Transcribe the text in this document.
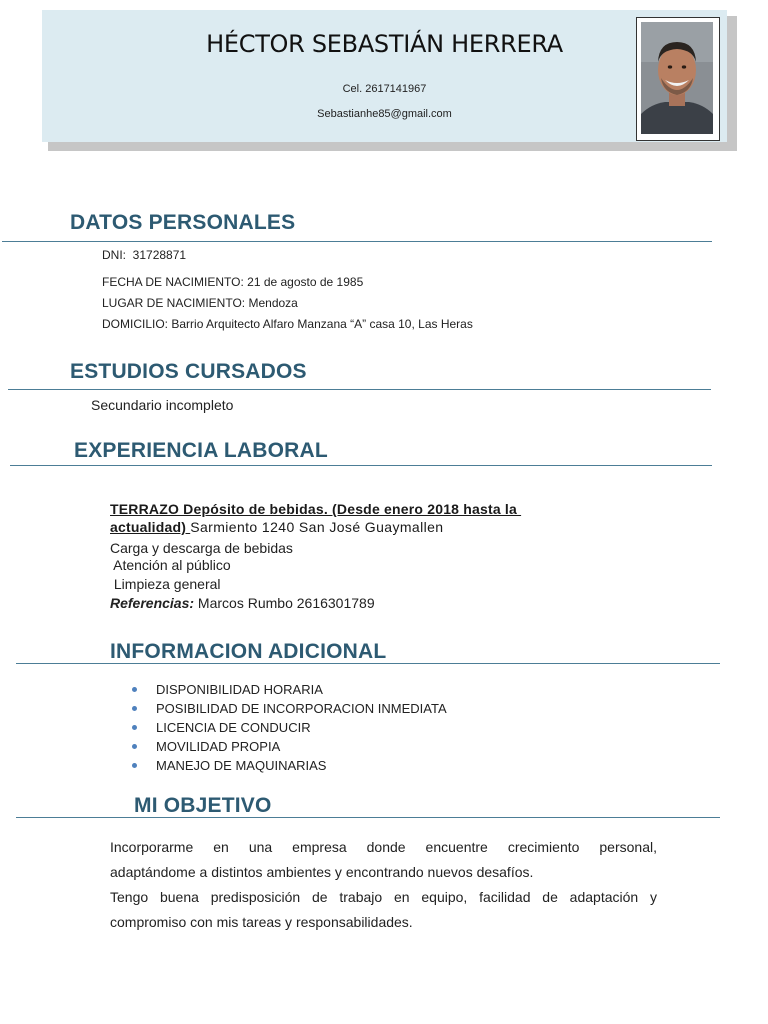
HÉCTOR SEBASTIÁN HERRERA
Cel. 2617141967
Sebastianhe85@gmail.com
DATOS PERSONALES
DNI: 31728871
FECHA DE NACIMIENTO: 21 de agosto de 1985
LUGAR DE NACIMIENTO: Mendoza
DOMICILIO: Barrio Arquitecto Alfaro Manzana “A” casa 10, Las Heras
ESTUDIOS CURSADOS
Secundario incompleto
EXPERIENCIA LABORAL
TERRAZO Depósito de bebidas. (Desde enero 2018 hasta la
actualidad) Sarmiento 1240 San José Guaymallen
Carga y descarga de bebidas
Atención al público
Limpieza general
Referencias: Marcos Rumbo 2616301789
INFORMACION ADICIONAL
DISPONIBILIDAD HORARIA
POSIBILIDAD DE INCORPORACION INMEDIATA
LICENCIA DE CONDUCIR
MOVILIDAD PROPIA
MANEJO DE MAQUINARIAS
MI OBJETIVO
Incorporarme en una empresa donde encuentre crecimiento personal,
adaptándome a distintos ambientes y encontrando nuevos desafíos.
Tengo buena predisposición de trabajo en equipo, facilidad de adaptación y
compromiso con mis tareas y responsabilidades.
